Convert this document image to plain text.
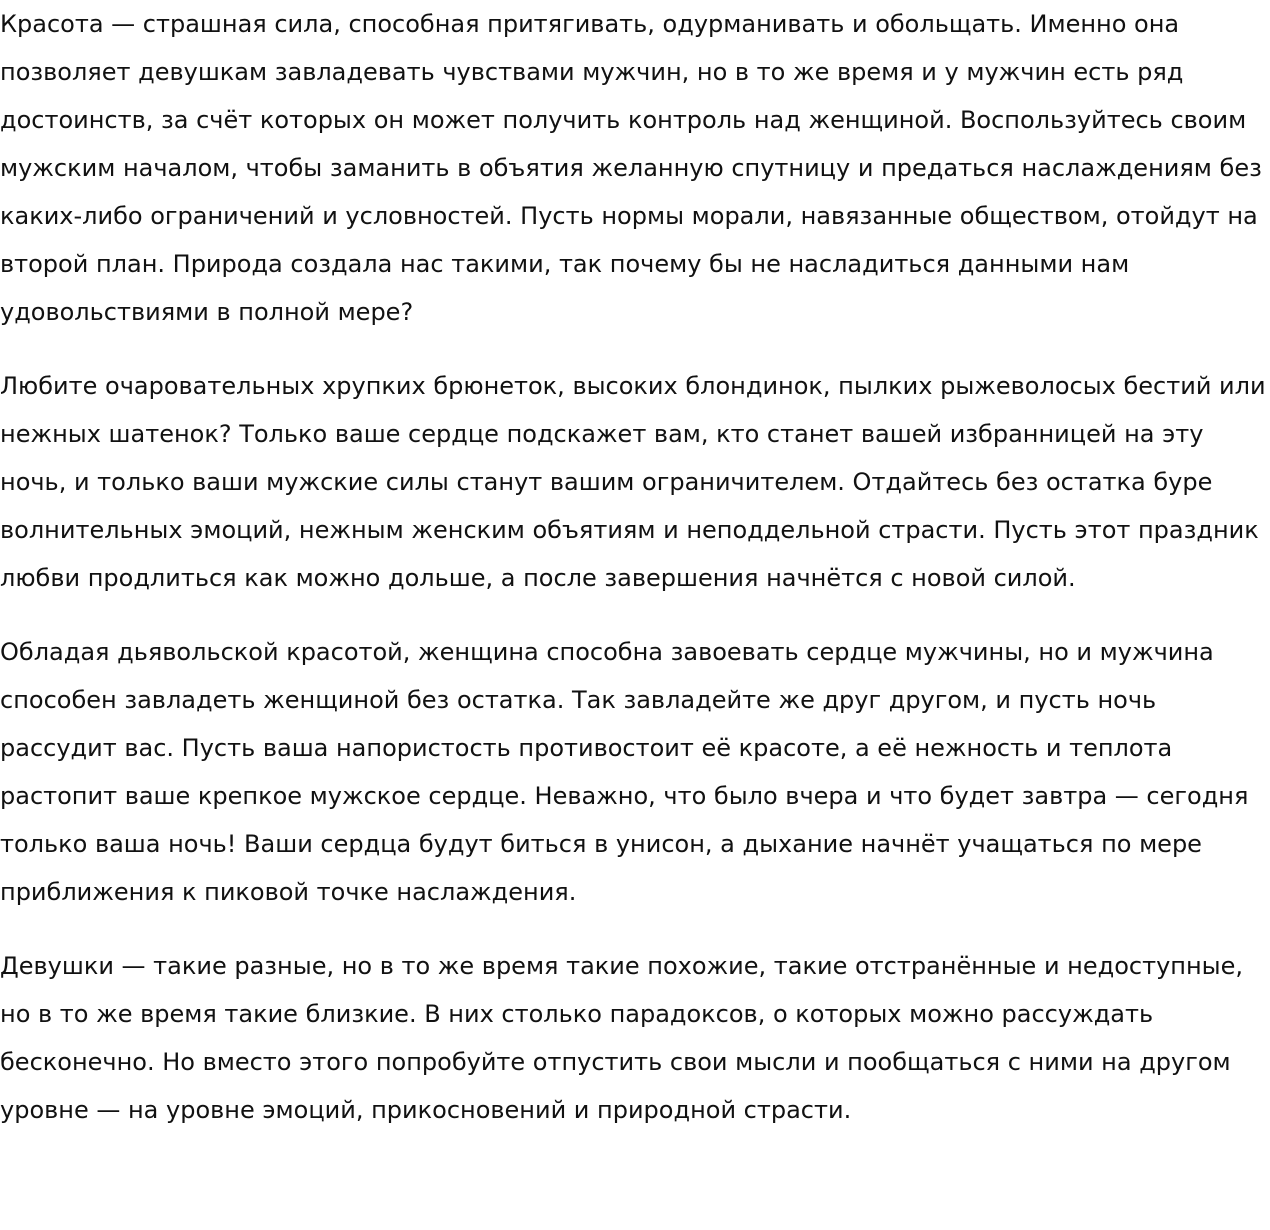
Красота — страшная сила, способная притягивать, одурманивать и обольщать. Именно она позволяет девушкам завладевать чувствами мужчин, но в то же время и у мужчин есть ряд достоинств, за счёт которых он может получить контроль над женщиной. Воспользуйтесь своим мужским началом, чтобы заманить в объятия желанную спутницу и предаться наслаждениям без каких-либо ограничений и условностей. Пусть нормы морали, навязанные обществом, отойдут на второй план. Природа создала нас такими, так почему бы не насладиться данными нам удовольствиями в полной мере?

Любите очаровательных хрупких брюнеток, высоких блондинок, пылких рыжеволосых бестий или нежных шатенок? Только ваше сердце подскажет вам, кто станет вашей избранницей на эту ночь, и только ваши мужские силы станут вашим ограничителем. Отдайтесь без остатка буре волнительных эмоций, нежным женским объятиям и неподдельной страсти. Пусть этот праздник любви продлиться как можно дольше, а после завершения начнётся с новой силой.

Обладая дьявольской красотой, женщина способна завоевать сердце мужчины, но и мужчина способен завладеть женщиной без остатка. Так завладейте же друг другом, и пусть ночь рассудит вас. Пусть ваша напористость противостоит её красоте, а её нежность и теплота растопит ваше крепкое мужское сердце. Неважно, что было вчера и что будет завтра — сегодня только ваша ночь! Ваши сердца будут биться в унисон, а дыхание начнёт учащаться по мере приближения к пиковой точке наслаждения.

Девушки — такие разные, но в то же время такие похожие, такие отстранённые и недоступные, но в то же время такие близкие. В них столько парадоксов, о которых можно рассуждать бесконечно. Но вместо этого попробуйте отпустить свои мысли и пообщаться с ними на другом уровне — на уровне эмоций, прикосновений и природной страсти.
